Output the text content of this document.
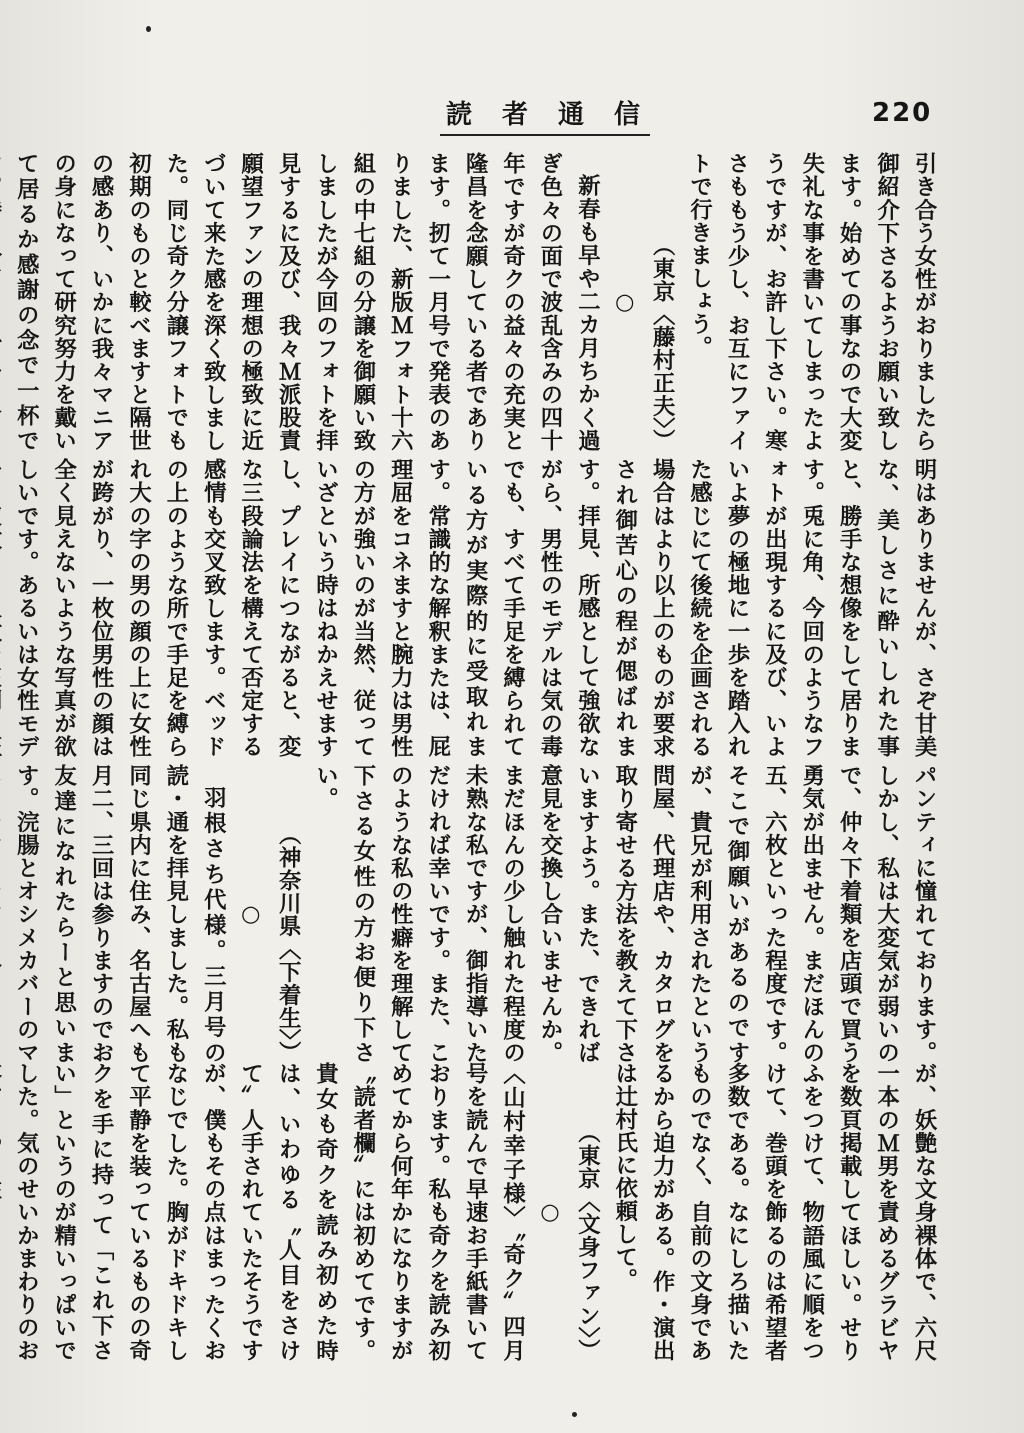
読者通信	220

引き合う女性がおりましたら御紹介下さるようお願い致します。始めての事なので大変失礼な事を書いてしまったようですが、お許し下さい。寒さももう少し、お互にファイトで行きましょう。

（東京〈藤村正夫〉）

○

新春も早や二カ月ちかく過ぎ色々の面で波乱含みの四十年ですが奇クの益々の充実と隆昌を念願している者であります。扨て一月号で発表のありました、新版Ｍフォト十六組の中七組の分譲を御願い致しましたが今回のフォトを拝見するに及び、我々Ｍ派股責願望ファンの理想の極致に近づいて来た感を深く致しました。同じ奇ク分譲フォトでも初期のものと較べますと隔世の感あり、いかに我々マニアの身になって研究努力を戴いて居るか感謝の念で一杯で

明はありませんが、さぞ甘美な、美しさに酔いしれた事と、勝手な想像をして居ります。兎に角、今回のようなフォトが出現するに及び、いよいよ夢の極地に一歩を踏入れた感じにて後続を企画される場合はより以上のものが要求され御苦心の程が偲ばれます。拝見、所感として強欲ながら、男性のモデルは気の毒でも、すべて手足を縛られている方が実際的に受取れます。常識的な解釈または、屁理屈をコネますと腕力は男性の方が強いのが当然、従っていざという時はねかえせますし、プレイにつながると、変な三段論法を構えて否定する感情も交叉致します。ベッドの上のような所で手足を縛られ大の字の男の顔の上に女性が跨がり、一枚位男性の顔は全く見えないような写真が欲しいです。あるいは女性モデ

パンティに憧れております。しかし、私は大変気が弱いので、仲々下着類を店頭で買う勇気が出ません。まだほんの五、六枚といった程度です。そこで御願いがあるのですが、貴兄が利用されたという問屋、代理店や、カタログを取り寄せる方法を教えて下さいますよう。また、できれば意見を交換し合いませんか。まだほんの少し触れた程度の未熟な私ですが、御指導いただければ幸いです。また、このような私の性癖を理解して下さる女性の方お便り下さい。

（神奈川県〈下着生〉）

○

羽根さち代様。三月号の読・通を拝見しました。私も同じ県内に住み、名古屋へも月二、三回は参りますのでお友達になれたらーと思います。浣腸とオシメカバーのマ

が、妖艶な文身裸体で、六尺一本のＭ男を責めるグラビヤを数頁掲載してほしい。せりふをつけて、物語風に順をつけて、巻頭を飾るのは希望者多数である。なにしろ描いたものでなく、自前の文身であるから迫力がある。作・演出は辻村氏に依頼して。

（東京〈文身ファン〉）

○

〈山村幸子様〉〝奇ク〟四月号を読んで早速お手紙書いております。私も奇クを読み初めてから何年かになりますが〝読者欄〟には初めてです。貴女も奇クを読み初めた時は、いわゆる〝人目をさけて〟人手されていたそうですが、僕もその点はまったくおなじでした。胸がドキドキして平静を装っているものの奇クを手に持って「これ下さい」というのが精いっぱいでした。気のせいかまわりのお
